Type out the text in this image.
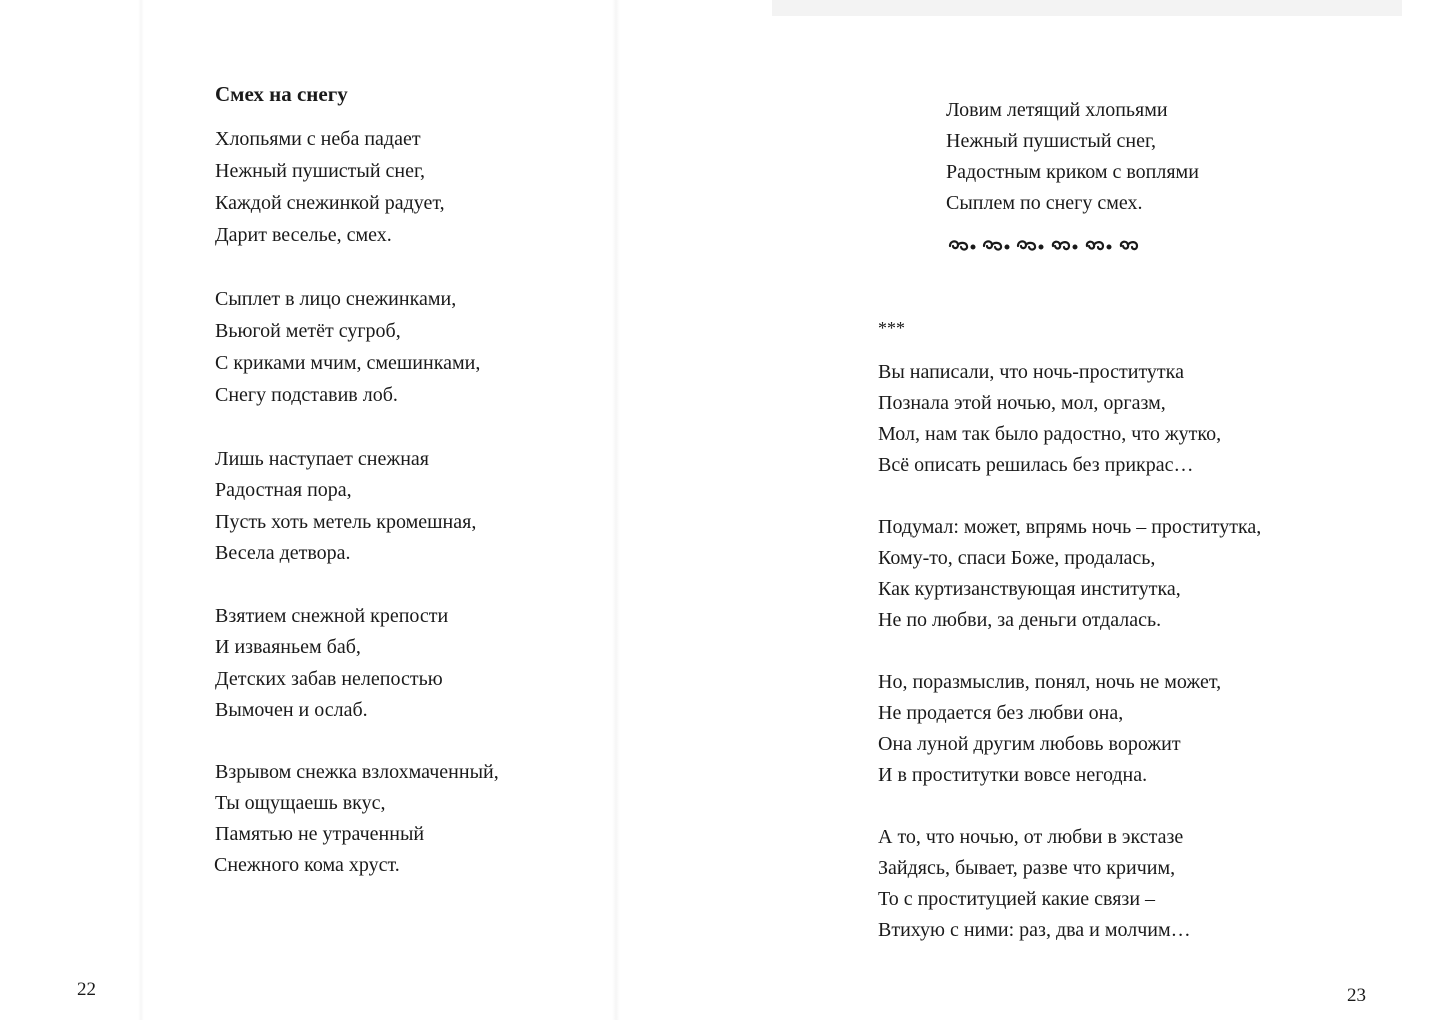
Смех на снегу
Хлопьями с неба падает
Нежный пушистый снег,
Каждой снежинкой радует,
Дарит веселье, смех.
Сыплет в лицо снежинками,
Вьюгой метёт сугроб,
С криками мчим, смешинками,
Снегу подставив лоб.
Лишь наступает снежная
Радостная пора,
Пусть хоть метель кромешная,
Весела детвора.
Взятием снежной крепости
И изваяньем баб,
Детских забав нелепостью
Вымочен и ослаб.
Взрывом снежка взлохмаченный,
Ты ощущаешь вкус,
Памятью не утраченный
Снежного кома хруст.
22
Ловим летящий хлопьями
Нежный пушистый снег,
Радостным криком с воплями
Сыплем по снегу смех.
***
Вы написали, что ночь-проститутка
Познала этой ночью, мол, оргазм,
Мол, нам так было радостно, что жутко,
Всё описать решилась без прикрас…
Подумал: может, впрямь ночь – проститутка,
Кому-то, спаси Боже, продалась,
Как куртизанствующая институтка,
Не по любви, за деньги отдалась.
Но, поразмыслив, понял, ночь не может,
Не продается без любви она,
Она луной другим любовь ворожит
И в проститутки вовсе негодна.
А то, что ночью, от любви в экстазе
Зайдясь, бывает, разве что кричим,
То с проституцией какие связи –
Втихую с ними: раз, два и молчим…
23
